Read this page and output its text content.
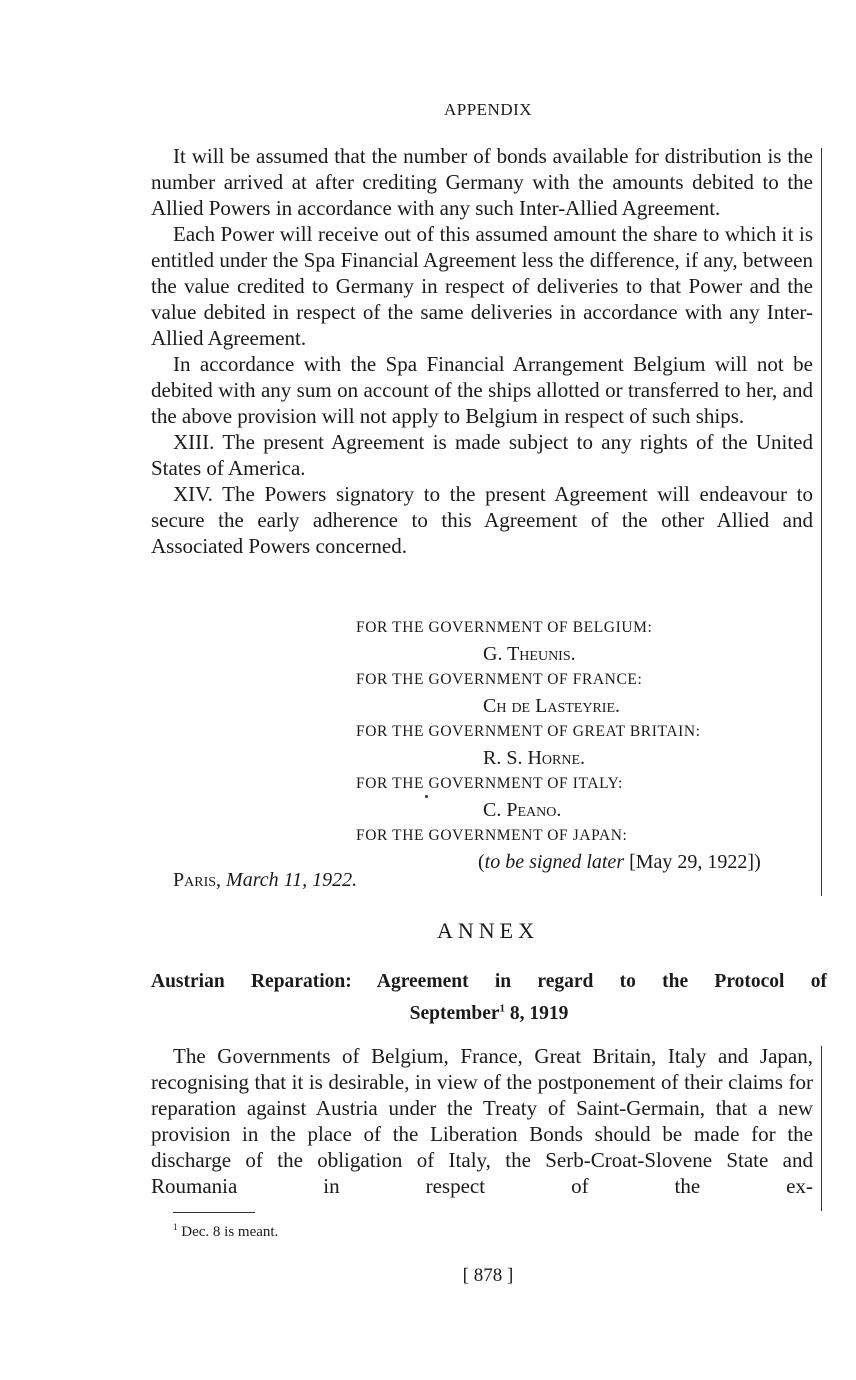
APPENDIX

It will be assumed that the number of bonds available for distribution is the number arrived at after crediting Germany with the amounts debited to the Allied Powers in accordance with any such Inter-Allied Agreement.

Each Power will receive out of this assumed amount the share to which it is entitled under the Spa Financial Agreement less the difference, if any, between the value credited to Germany in respect of deliveries to that Power and the value debited in respect of the same deliveries in accordance with any Inter-Allied Agreement.

In accordance with the Spa Financial Arrangement Belgium will not be debited with any sum on account of the ships allotted or transferred to her, and the above provision will not apply to Belgium in respect of such ships.

XIII. The present Agreement is made subject to any rights of the United States of America.

XIV. The Powers signatory to the present Agreement will endeavour to secure the early adherence to this Agreement of the other Allied and Associated Powers concerned.

FOR THE GOVERNMENT OF BELGIUM:
G. Theunis.
FOR THE GOVERNMENT OF FRANCE:
Ch de Lasteyrie.
FOR THE GOVERNMENT OF GREAT BRITAIN:
R. S. Horne.
FOR THE GOVERNMENT OF ITALY:
C. Peano.
FOR THE GOVERNMENT OF JAPAN:
(to be signed later [May 29, 1922])
Paris, March 11, 1922.
ANNEX
Austrian Reparation: Agreement in regard to the Protocol of
September$^1$ 8, 1919

The Governments of Belgium, France, Great Britain, Italy and Japan, recognising that it is desirable, in view of the postponement of their claims for reparation against Austria under the Treaty of Saint-Germain, that a new provision in the place of the Liberation Bonds should be made for the discharge of the obligation of Italy, the Serb-Croat-Slovene State and Roumania in respect of the ex-

$^1$ Dec. 8 is meant.
[ 878 ]
